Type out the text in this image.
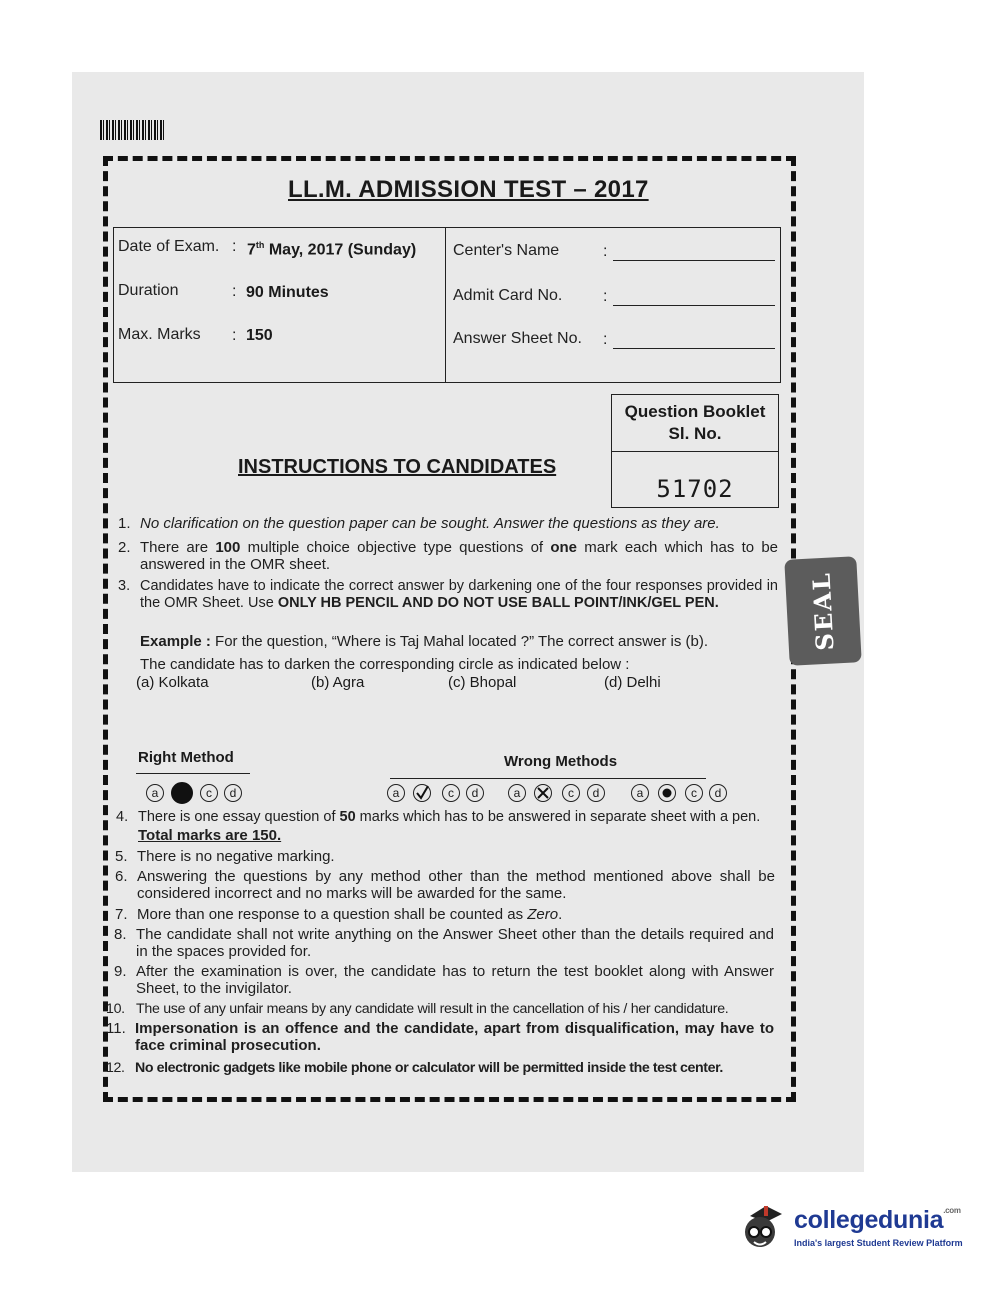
LL.M. ADMISSION TEST – 2017
Date of Exam. : 7th May, 2017 (Sunday)
Duration	: 90 Minutes
Max. Marks : 150
Center's Name	:
Admit Card No.	:
Answer Sheet No. :
Question Booklet
Sl. No.
51702
INSTRUCTIONS TO CANDIDATES
SEAL
1. No clarification on the question paper can be sought. Answer the questions as they are.
2. There are 100 multiple choice objective type questions of one mark each which has to be answered in the OMR sheet.
3. Candidates have to indicate the correct answer by darkening one of the four responses provided in the OMR Sheet. Use ONLY HB PENCIL AND DO NOT USE BALL POINT/INK/GEL PEN.
Example : For the question, “Where is Taj Mahal located ?” The correct answer is (b).
The candidate has to darken the corresponding circle as indicated below :
(a) Kolkata	(b) Agra	(c) Bhopal	(d) Delhi
Right Method	Wrong Methods
a	c	d	a	c	d	a	c	d	a	c	d
4. There is one essay question of 50 marks which has to be answered in separate sheet with a pen.
Total marks are 150.
5. There is no negative marking.
6. Answering the questions by any method other than the method mentioned above shall be considered incorrect and no marks will be awarded for the same.
7. More than one response to a question shall be counted as Zero.
8. The candidate shall not write anything on the Answer Sheet other than the details required and in the spaces provided for.
9. After the examination is over, the candidate has to return the test booklet along with Answer Sheet, to the invigilator.
10. The use of any unfair means by any candidate will result in the cancellation of his / her candidature.
11. Impersonation is an offence and the candidate, apart from disqualification, may have to face criminal prosecution.
12. No electronic gadgets like mobile phone or calculator will be permitted inside the test center.
collegedunia$^{.com}$
India's largest Student Review Platform
